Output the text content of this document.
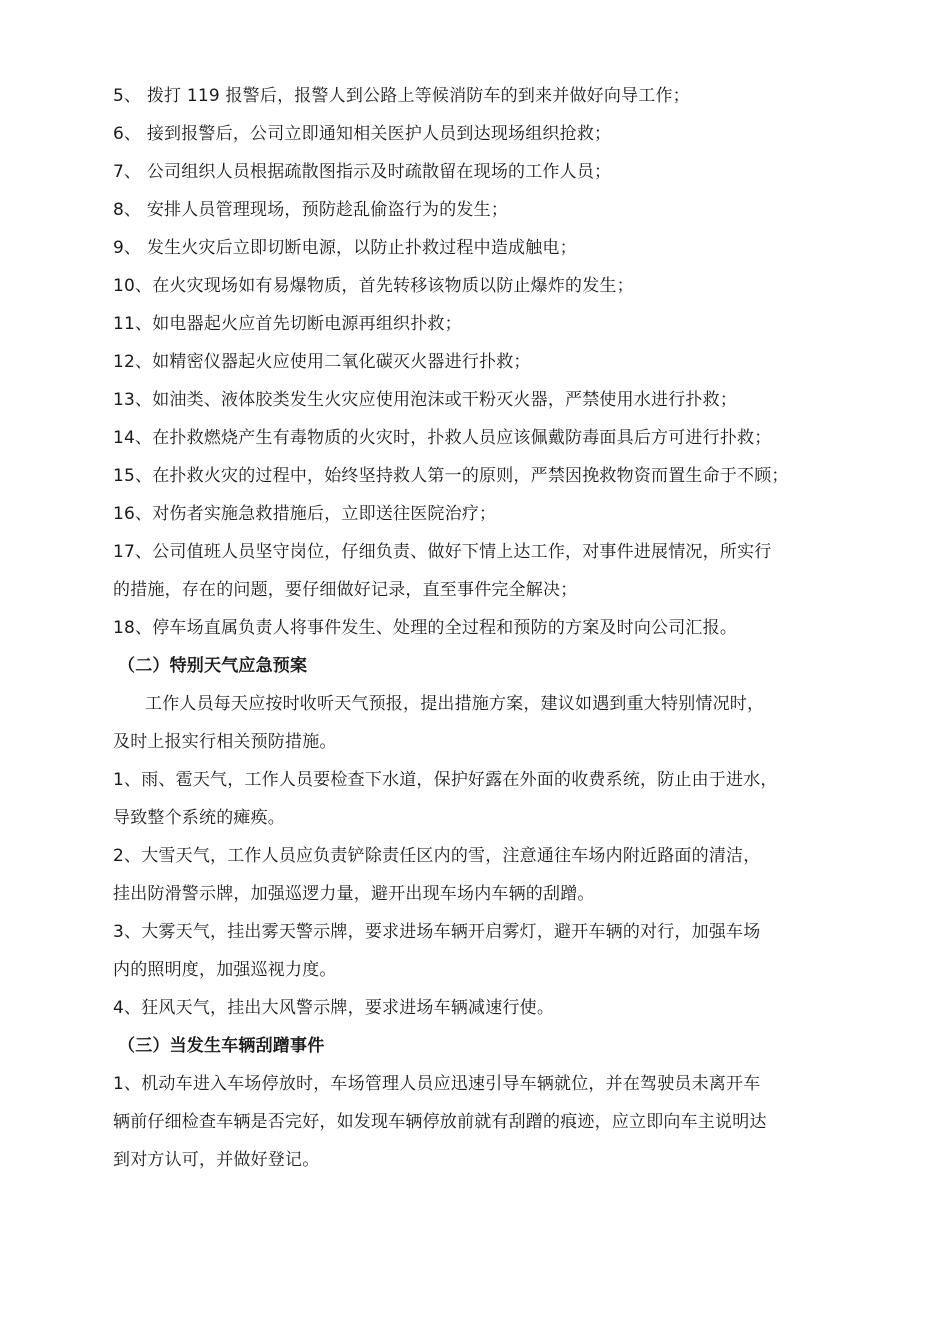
5、 拨打 119 报警后，报警人到公路上等候消防车的到来并做好向导工作；
6、 接到报警后，公司立即通知相关医护人员到达现场组织抢救；
7、 公司组织人员根据疏散图指示及时疏散留在现场的工作人员；
8、 安排人员管理现场，预防趁乱偷盗行为的发生；
9、 发生火灾后立即切断电源，以防止扑救过程中造成触电；
10、在火灾现场如有易爆物质，首先转移该物质以防止爆炸的发生；
11、如电器起火应首先切断电源再组织扑救；
12、如精密仪器起火应使用二氧化碳灭火器进行扑救；
13、如油类、液体胶类发生火灾应使用泡沫或干粉灭火器，严禁使用水进行扑救；
14、在扑救燃烧产生有毒物质的火灾时，扑救人员应该佩戴防毒面具后方可进行扑救；
15、在扑救火灾的过程中，始终坚持救人第一的原则，严禁因挽救物资而置生命于不顾；
16、对伤者实施急救措施后，立即送往医院治疗；
17、公司值班人员坚守岗位，仔细负责、做好下情上达工作，对事件进展情况，所实行
的措施，存在的问题，要仔细做好记录，直至事件完全解决；
18、停车场直属负责人将事件发生、处理的全过程和预防的方案及时向公司汇报。
（二）特别天气应急预案
工作人员每天应按时收听天气预报，提出措施方案，建议如遇到重大特别情况时，
及时上报实行相关预防措施。
1、雨、雹天气，工作人员要检查下水道，保护好露在外面的收费系统，防止由于进水，
导致整个系统的瘫痪。
2、大雪天气，工作人员应负责铲除责任区内的雪，注意通往车场内附近路面的清洁，
挂出防滑警示牌，加强巡逻力量，避开出现车场内车辆的刮蹭。
3、大雾天气，挂出雾天警示牌，要求进场车辆开启雾灯，避开车辆的对行，加强车场
内的照明度，加强巡视力度。
4、狂风天气，挂出大风警示牌，要求进场车辆减速行使。
（三）当发生车辆刮蹭事件
1、机动车进入车场停放时，车场管理人员应迅速引导车辆就位，并在驾驶员未离开车
辆前仔细检查车辆是否完好，如发现车辆停放前就有刮蹭的痕迹，应立即向车主说明达
到对方认可，并做好登记。
